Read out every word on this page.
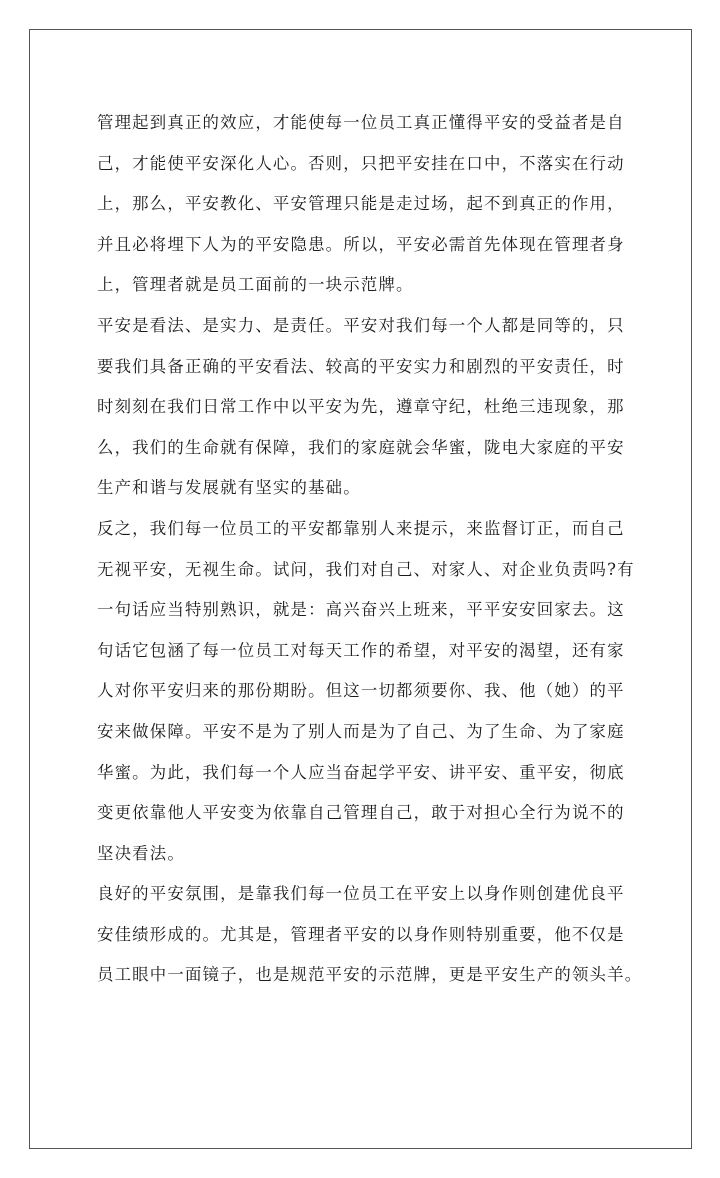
管理起到真正的效应，才能使每一位员工真正懂得平安的受益者是自
己，才能使平安深化人心。否则，只把平安挂在口中，不落实在行动
上，那么，平安教化、平安管理只能是走过场，起不到真正的作用，
并且必将埋下人为的平安隐患。所以，平安必需首先体现在管理者身
上，管理者就是员工面前的一块示范牌。
平安是看法、是实力、是责任。平安对我们每一个人都是同等的，只
要我们具备正确的平安看法、较高的平安实力和剧烈的平安责任，时
时刻刻在我们日常工作中以平安为先，遵章守纪，杜绝三违现象，那
么，我们的生命就有保障，我们的家庭就会华蜜，陇电大家庭的平安
生产和谐与发展就有坚实的基础。
反之，我们每一位员工的平安都靠别人来提示，来监督订正，而自己
无视平安，无视生命。试问，我们对自己、对家人、对企业负责吗?有
一句话应当特别熟识，就是：高兴奋兴上班来，平平安安回家去。这
句话它包涵了每一位员工对每天工作的希望，对平安的渴望，还有家
人对你平安归来的那份期盼。但这一切都须要你、我、他（她）的平
安来做保障。平安不是为了别人而是为了自己、为了生命、为了家庭
华蜜。为此，我们每一个人应当奋起学平安、讲平安、重平安，彻底
变更依靠他人平安变为依靠自己管理自己，敢于对担心全行为说不的
坚决看法。
良好的平安氛围，是靠我们每一位员工在平安上以身作则创建优良平
安佳绩形成的。尤其是，管理者平安的以身作则特别重要，他不仅是
员工眼中一面镜子，也是规范平安的示范牌，更是平安生产的领头羊。
